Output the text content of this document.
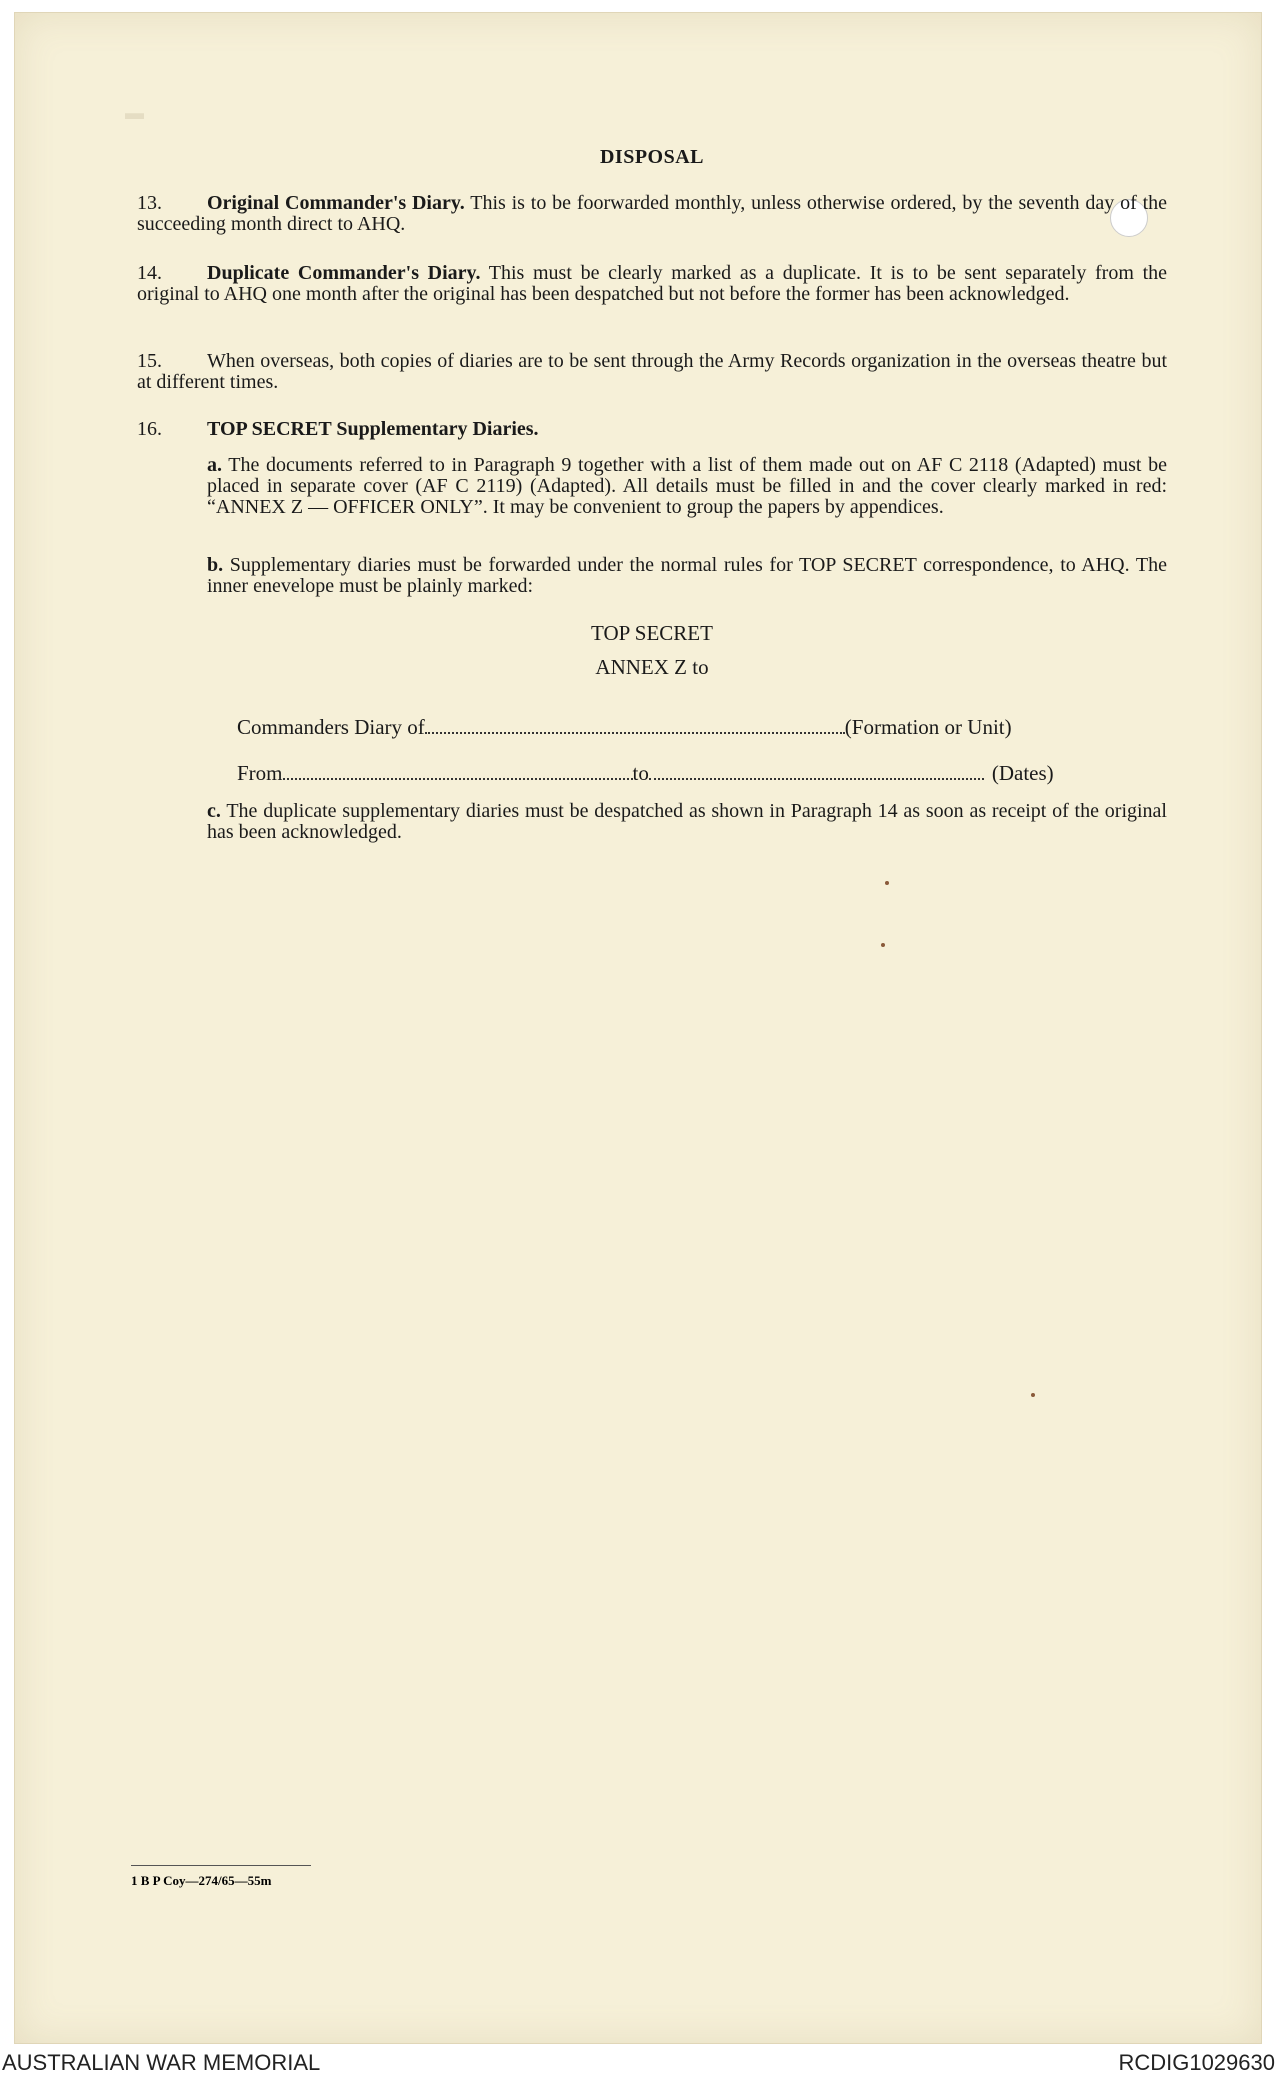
▬
DISPOSAL
13. Original Commander's Diary. This is to be foorwarded monthly, unless otherwise ordered, by the seventh day of the succeeding month direct to AHQ.
14. Duplicate Commander's Diary. This must be clearly marked as a duplicate. It is to be sent separately from the original to AHQ one month after the original has been despatched but not before the former has been acknowledged.
15. When overseas, both copies of diaries are to be sent through the Army Records organization in the overseas theatre but at different times.
16. TOP SECRET Supplementary Diaries.
a. The documents referred to in Paragraph 9 together with a list of them made out on AF C 2118 (Adapted) must be placed in separate cover (AF C 2119) (Adapted). All details must be filled in and the cover clearly marked in red: “ANNEX Z — OFFICER ONLY”. It may be convenient to group the papers by appendices.
b. Supplementary diaries must be forwarded under the normal rules for TOP SECRET correspondence, to AHQ. The inner enevelope must be plainly marked:
TOP SECRET
ANNEX Z to
Commanders Diary of	(Formation or Unit)
From	to	(Dates)
c. The duplicate supplementary diaries must be despatched as shown in Paragraph 14 as soon as receipt of the original has been acknowledged.
1 B P Coy—274/65—55m
AUSTRALIAN WAR MEMORIAL	RCDIG1029630
